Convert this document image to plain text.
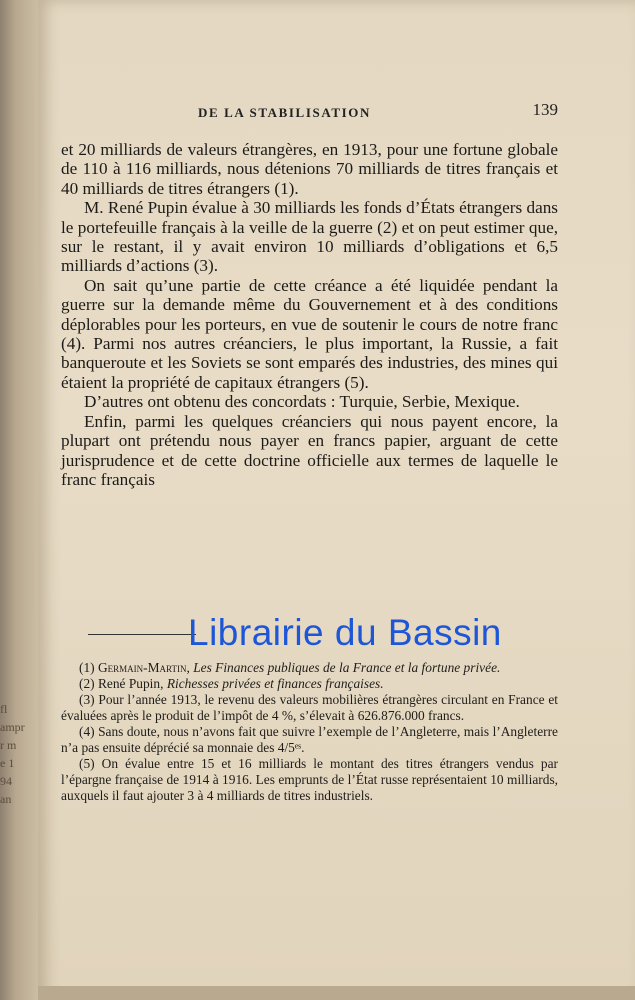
fl
ampr
r m
e 1
94
an
DE LA STABILISATION	139

et 20 milliards de valeurs étrangères, en 1913, pour une fortune globale de 110 à 116 milliards, nous détenions 70 milliards de titres français et 40 milliards de titres étrangers (1).

M. René Pupin évalue à 30 milliards les fonds d’États étrangers dans le portefeuille français à la veille de la guerre (2) et on peut estimer que, sur le restant, il y avait environ 10 milliards d’obligations et 6,5 milliards d’actions (3).

On sait qu’une partie de cette créance a été liquidée pendant la guerre sur la demande même du Gouvernement et à des conditions déplorables pour les porteurs, en vue de soutenir le cours de notre franc (4). Parmi nos autres créanciers, le plus important, la Russie, a fait banqueroute et les Soviets se sont emparés des industries, des mines qui étaient la propriété de capitaux étrangers (5).

D’autres ont obtenu des concordats : Turquie, Serbie, Mexique.

Enfin, parmi les quelques créanciers qui nous payent encore, la plupart ont prétendu nous payer en francs papier, arguant de cette jurisprudence et de cette doctrine officielle aux termes de laquelle le franc français

Librairie du Bassin

(1) Germain-Martin, Les Finances publiques de la France et la fortune privée.

(2) René Pupin, Richesses privées et finances françaises.

(3) Pour l’année 1913, le revenu des valeurs mobilières étrangères circulant en France et évaluées après le produit de l’impôt de 4 %, s’élevait à 626.876.000 francs.

(4) Sans doute, nous n’avons fait que suivre l’exemple de l’Angleterre, mais l’Angleterre n’a pas ensuite déprécié sa monnaie des 4/5ᵉˢ.

(5) On évalue entre 15 et 16 milliards le montant des titres étrangers vendus par l’épargne française de 1914 à 1916. Les emprunts de l’État russe représentaient 10 milliards, auxquels il faut ajouter 3 à 4 milliards de titres industriels.
